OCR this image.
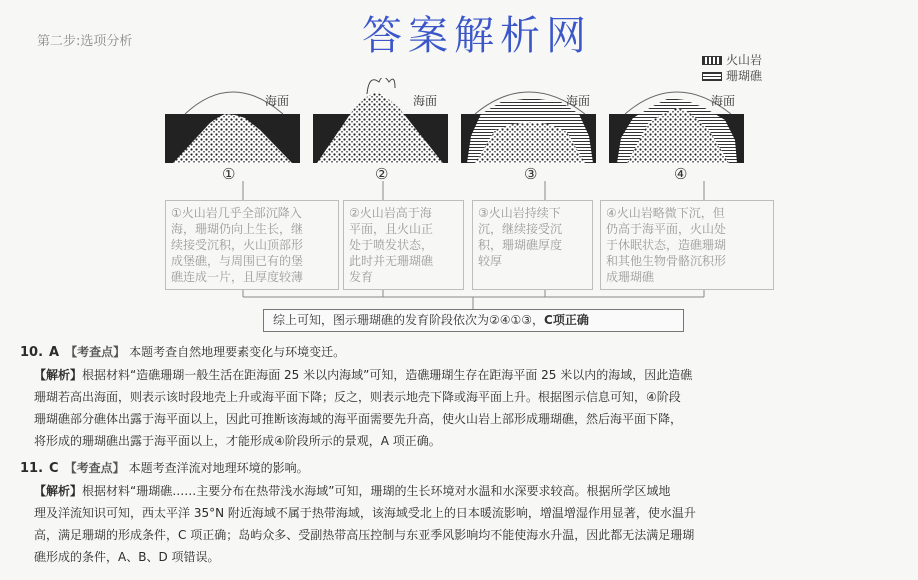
第二步:选项分析	答案解析网
火山岩
珊瑚礁
海面
①
海面
②
海面
③
海面
④
①火山岩几乎全部沉降入
海，珊瑚仍向上生长，继
续接受沉积，火山顶部形
成堡礁，与周围已有的堡
礁连成一片，且厚度较薄
②火山岩高于海
平面，且火山正
处于喷发状态，
此时并无珊瑚礁
发育
③火山岩持续下
沉，继续接受沉
积，珊瑚礁厚度
较厚
④火山岩略微下沉，但
仍高于海平面，火山处
于休眠状态，造礁珊瑚
和其他生物骨骼沉积形
成珊瑚礁
综上可知，图示珊瑚礁的发育阶段依次为②④①③，C项正确
10. A 【考查点】 本题考查自然地理要素变化与环境变迁。
【解析】根据材料“造礁珊瑚一般生活在距海面 25 米以内海域”可知，造礁珊瑚生存在距海平面 25 米以内的海域，因此造礁
珊瑚若高出海面，则表示该时段地壳上升或海平面下降；反之，则表示地壳下降或海平面上升。根据图示信息可知，④阶段
珊瑚礁部分礁体出露于海平面以上，因此可推断该海域的海平面需要先升高，使火山岩上部形成珊瑚礁，然后海平面下降，
将形成的珊瑚礁出露于海平面以上，才能形成④阶段所示的景观，A 项正确。
11. C 【考查点】 本题考查洋流对地理环境的影响。
【解析】根据材料“珊瑚礁……主要分布在热带浅水海域”可知，珊瑚的生长环境对水温和水深要求较高。根据所学区域地
理及洋流知识可知，西太平洋 35°N 附近海域不属于热带海域，该海域受北上的日本暖流影响，增温增湿作用显著，使水温升
高，满足珊瑚的形成条件，C 项正确；岛屿众多、受副热带高压控制与东亚季风影响均不能使海水升温，因此都无法满足珊瑚
礁形成的条件，A、B、D 项错误。
